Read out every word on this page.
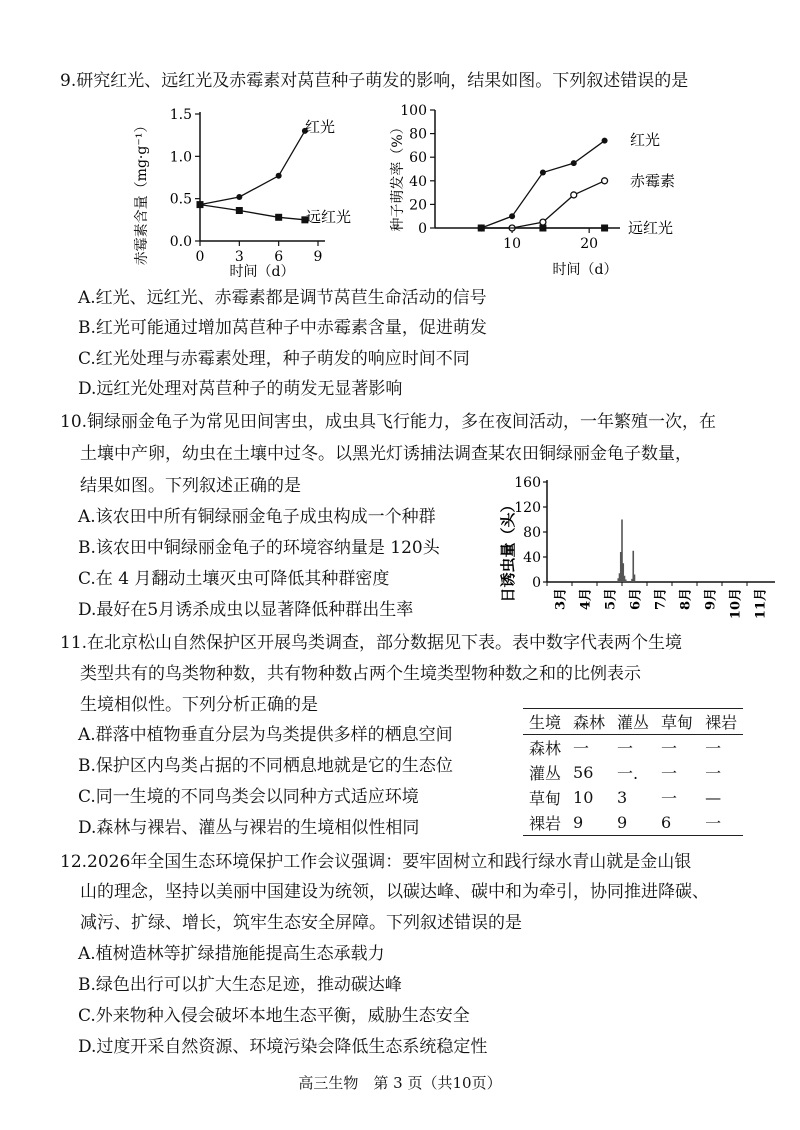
9.研究红光、远红光及赤霉素对莴苣种子萌发的影响，结果如图。下列叙述错误的是
赤霉素含量（mg·g⁻¹） 0.0
0.5
1.0
1.5
0 3 6 9
红光
远红光
时间（d）
种子萌发率（%） 0
20
40
60
80
100
10	20
红光
赤霉素
远红光
时间（d）
A.红光、远红光、赤霉素都是调节莴苣生命活动的信号
B.红光可能通过增加莴苣种子中赤霉素含量，促进萌发
C.红光处理与赤霉素处理，种子萌发的响应时间不同
D.远红光处理对莴苣种子的萌发无显著影响
10.铜绿丽金龟子为常见田间害虫，成虫具飞行能力，多在夜间活动，一年繁殖一次，在
土壤中产卵，幼虫在土壤中过冬。以黑光灯诱捕法调查某农田铜绿丽金龟子数量，
结果如图。下列叙述正确的是
A.该农田中所有铜绿丽金龟子成虫构成一个种群
B.该农田中铜绿丽金龟子的环境容纳量是 120头
C.在 4 月翻动土壤灭虫可降低其种群密度
D.最好在5月诱杀成虫以显著降低种群出生率
日诱虫量（头） 0
40
80
120
160
3月 4月 5月 6月 7月 8月 9月 10月 11月
11.在北京松山自然保护区开展鸟类调查，部分数据见下表。表中数字代表两个生境
类型共有的鸟类物种数，共有物种数占两个生境类型物种数之和的比例表示
生境相似性。下列分析正确的是
A.群落中植物垂直分层为鸟类提供多样的栖息空间
B.保护区内鸟类占据的不同栖息地就是它的生态位
C.同一生境的不同鸟类会以同种方式适应环境
D.森林与裸岩、灌丛与裸岩的生境相似性相同
生境	森林	灌丛	草甸	裸岩
森林	一	一	一	一
灌丛	56	一.	一	一
草甸	10	3	一	—
裸岩	9	9	6	一
12.2026年全国生态环境保护工作会议强调：要牢固树立和践行绿水青山就是金山银
山的理念，坚持以美丽中国建设为统领，以碳达峰、碳中和为牵引，协同推进降碳、
减污、扩绿、增长，筑牢生态安全屏障。下列叙述错误的是
A.植树造林等扩绿措施能提高生态承载力
B.绿色出行可以扩大生态足迹，推动碳达峰
C.外来物种入侵会破坏本地生态平衡，威胁生态安全
D.过度开采自然资源、环境污染会降低生态系统稳定性
高三生物　第 3 页（共10页）
